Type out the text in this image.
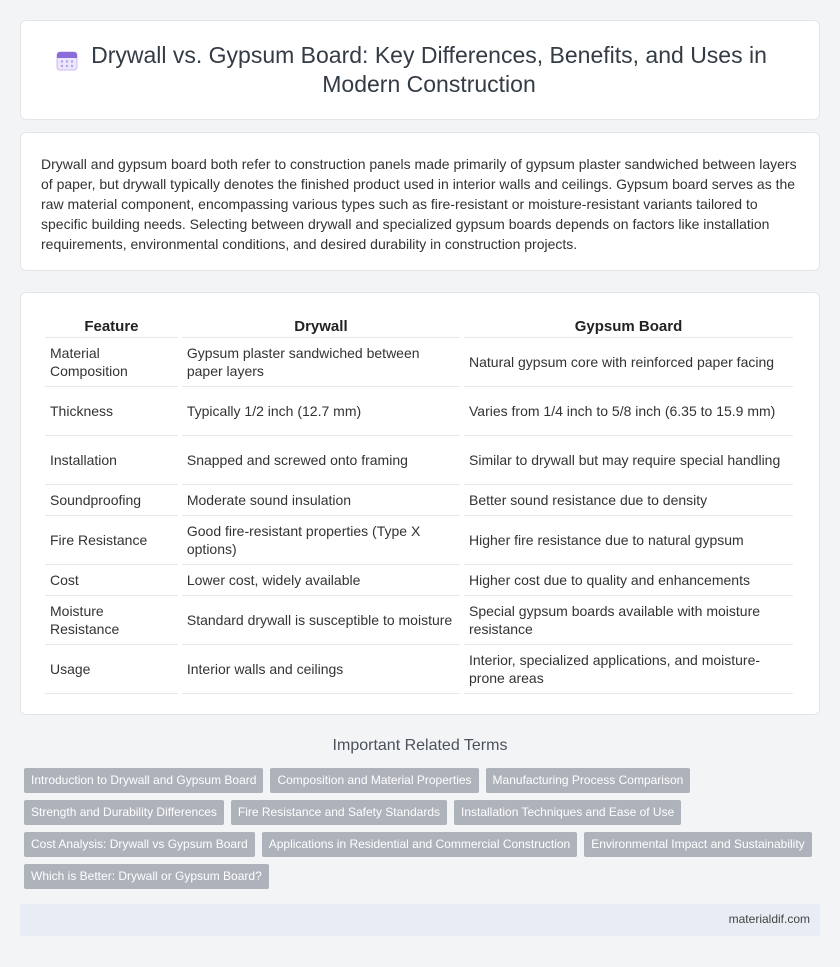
Drywall vs. Gypsum Board: Key Differences, Benefits, and Uses in Modern Construction

Drywall and gypsum board both refer to construction panels made primarily of gypsum plaster sandwiched between layers of paper, but drywall typically denotes the finished product used in interior walls and ceilings. Gypsum board serves as the raw material component, encompassing various types such as fire-resistant or moisture-resistant variants tailored to specific building needs. Selecting between drywall and specialized gypsum boards depends on factors like installation requirements, environmental conditions, and desired durability in construction projects.

Feature	Drywall	Gypsum Board
Material Composition	Gypsum plaster sandwiched between paper layers	Natural gypsum core with reinforced paper facing
Thickness	Typically 1/2 inch (12.7 mm)	Varies from 1/4 inch to 5/8 inch (6.35 to 15.9 mm)
Installation	Snapped and screwed onto framing	Similar to drywall but may require special handling
Soundproofing	Moderate sound insulation	Better sound resistance due to density
Fire Resistance	Good fire-resistant properties (Type X options)	Higher fire resistance due to natural gypsum
Cost	Lower cost, widely available	Higher cost due to quality and enhancements
Moisture Resistance	Standard drywall is susceptible to moisture	Special gypsum boards available with moisture resistance
Usage	Interior walls and ceilings	Interior, specialized applications, and moisture-prone areas
Important Related Terms
Introduction to Drywall and Gypsum Board	Composition and Material Properties	Manufacturing Process Comparison
Strength and Durability Differences	Fire Resistance and Safety Standards	Installation Techniques and Ease of Use
Cost Analysis: Drywall vs Gypsum Board	Applications in Residential and Commercial Construction	Environmental Impact and Sustainability
Which is Better: Drywall or Gypsum Board?
materialdif.com
